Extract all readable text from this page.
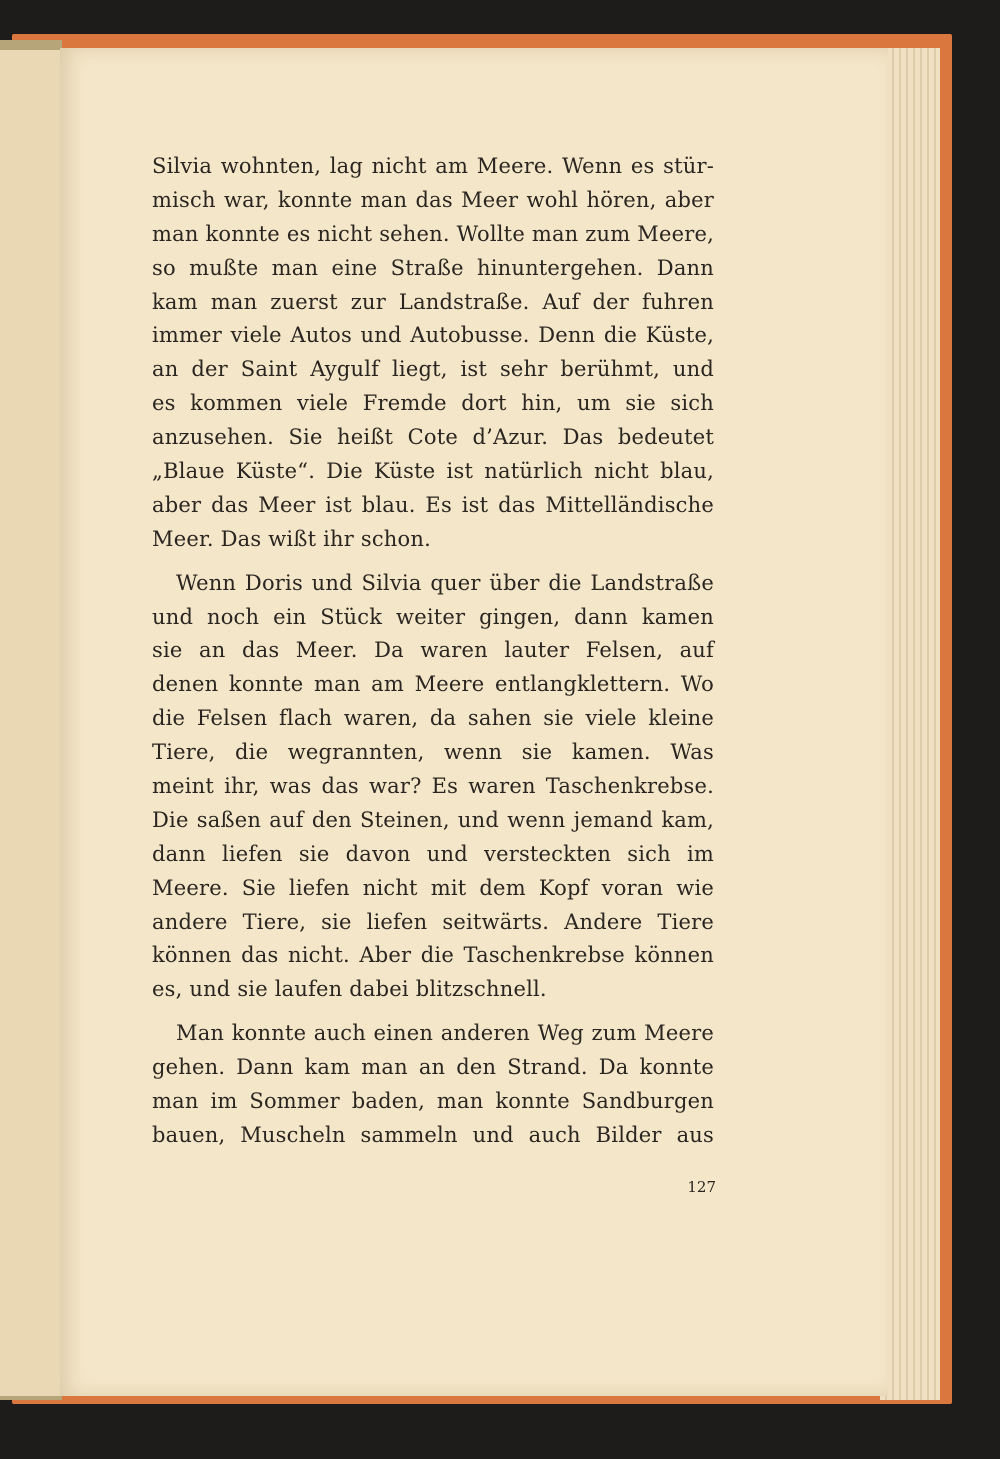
Silvia wohnten, lag nicht am Meere. Wenn es stür-
misch war, konnte man das Meer wohl hören, aber
man konnte es nicht sehen. Wollte man zum Meere,
so mußte man eine Straße hinuntergehen. Dann
kam man zuerst zur Landstraße. Auf der fuhren
immer viele Autos und Autobusse. Denn die Küste,
an der Saint Aygulf liegt, ist sehr berühmt, und
es kommen viele Fremde dort hin, um sie sich
anzusehen. Sie heißt Cote d’Azur. Das bedeutet
„Blaue Küste“. Die Küste ist natürlich nicht blau,
aber das Meer ist blau. Es ist das Mittelländische
Meer. Das wißt ihr schon.

Wenn Doris und Silvia quer über die Landstraße
und noch ein Stück weiter gingen, dann kamen
sie an das Meer. Da waren lauter Felsen, auf
denen konnte man am Meere entlangklettern. Wo
die Felsen flach waren, da sahen sie viele kleine
Tiere, die wegrannten, wenn sie kamen. Was
meint ihr, was das war? Es waren Taschenkrebse.
Die saßen auf den Steinen, und wenn jemand kam,
dann liefen sie davon und versteckten sich im
Meere. Sie liefen nicht mit dem Kopf voran wie
andere Tiere, sie liefen seitwärts. Andere Tiere
können das nicht. Aber die Taschenkrebse können
es, und sie laufen dabei blitzschnell.

Man konnte auch einen anderen Weg zum Meere
gehen. Dann kam man an den Strand. Da konnte
man im Sommer baden, man konnte Sandburgen
bauen, Muscheln sammeln und auch Bilder aus

127
